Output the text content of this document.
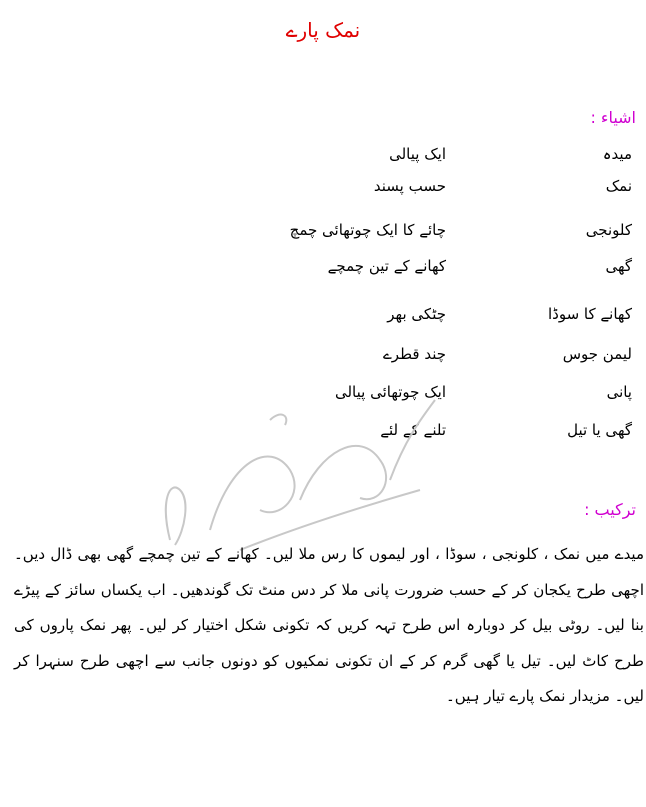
نمک پارے
اشیاء :
میدہ
ایک پیالی
نمک
حسب پسند
کلونجی
چائے کا ایک چوتھائی چمچ
گھی
کھانے کے تین چمچے
کھانے کا سوڈا
چٹکی بھر
لیمن جوس
چند قطرے
پانی
ایک چوتھائی پیالی
گھی یا تیل
تلنے کے لئے
ترکیب :
میدے میں نمک ، کلونجی ، سوڈا ، اور لیموں کا رس ملا لیں۔ کھانے کے تین چمچے گھی بھی ڈال دیں۔ اچھی طرح یکجان کر کے حسب ضرورت پانی ملا کر دس منٹ تک گوندھیں۔ اب یکساں سائز کے پیڑے بنا لیں۔ روٹی بیل کر دوبارہ اس طرح تہہ کریں کہ تکونی شکل اختیار کر لیں۔ پھر نمک پاروں کی طرح کاٹ لیں۔ تیل یا گھی گرم کر کے ان تکونی نمکیوں کو دونوں جانب سے اچھی طرح سنہرا کر لیں۔ مزیدار نمک پارے تیار ہیں۔
